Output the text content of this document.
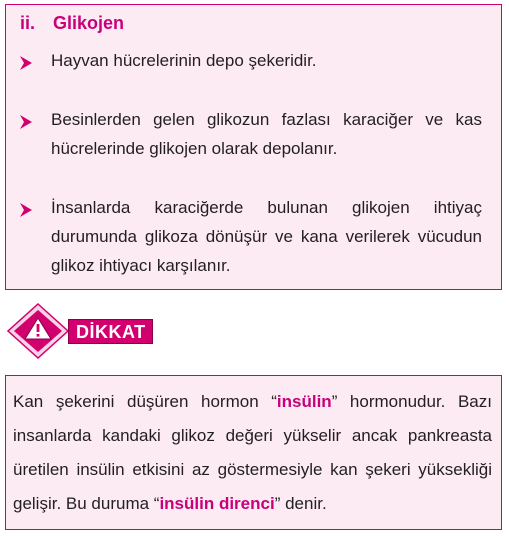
ii. Glikojen
Hayvan hücrelerinin depo şekeridir.
Besinlerden gelen glikozun fazlası karaciğer ve kas hücrelerinde glikojen olarak depolanır.
İnsanlarda karaciğerde bulunan glikojen ihtiyaç durumunda glikoza dönüşür ve kana verilerek vücudun glikoz ihtiyacı karşılanır.
DİKKAT
Kan şekerini düşüren hormon “insülin” hormonudur. Bazı insanlarda kandaki glikoz değeri yükselir ancak pankreasta üretilen insülin etkisini az göstermesiyle kan şekeri yüksekliği gelişir. Bu duruma “insülin direnci” denir.
